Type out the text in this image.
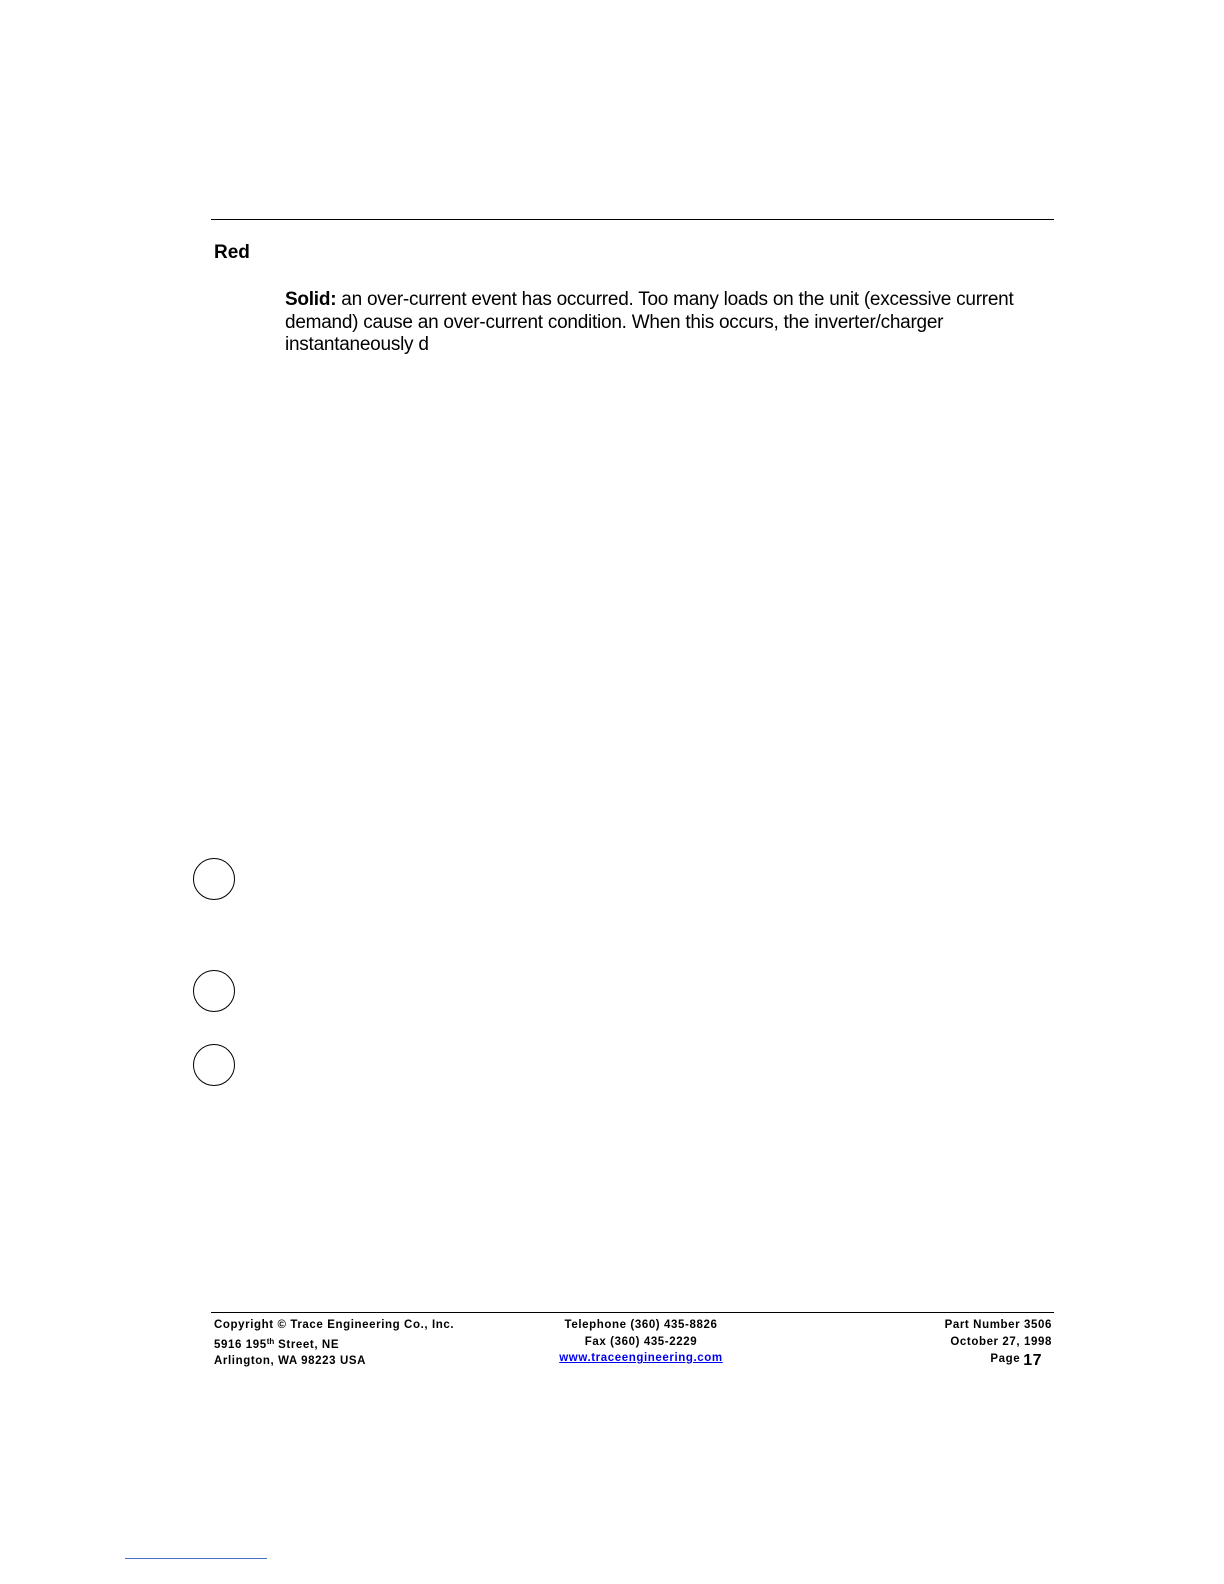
Red

Solid: an over-current event has occurred. Too many loads on the unit (excessive current demand) cause an over-current condition. When this occurs, the inverter/charger instantaneously d

Copyright © Trace Engineering Co., Inc.
5916 195th Street, NE
Arlington, WA 98223 USA
Telephone (360) 435-8826
Fax (360) 435-2229
www.traceengineering.com
Part Number 3506
October 27, 1998
Page 17
